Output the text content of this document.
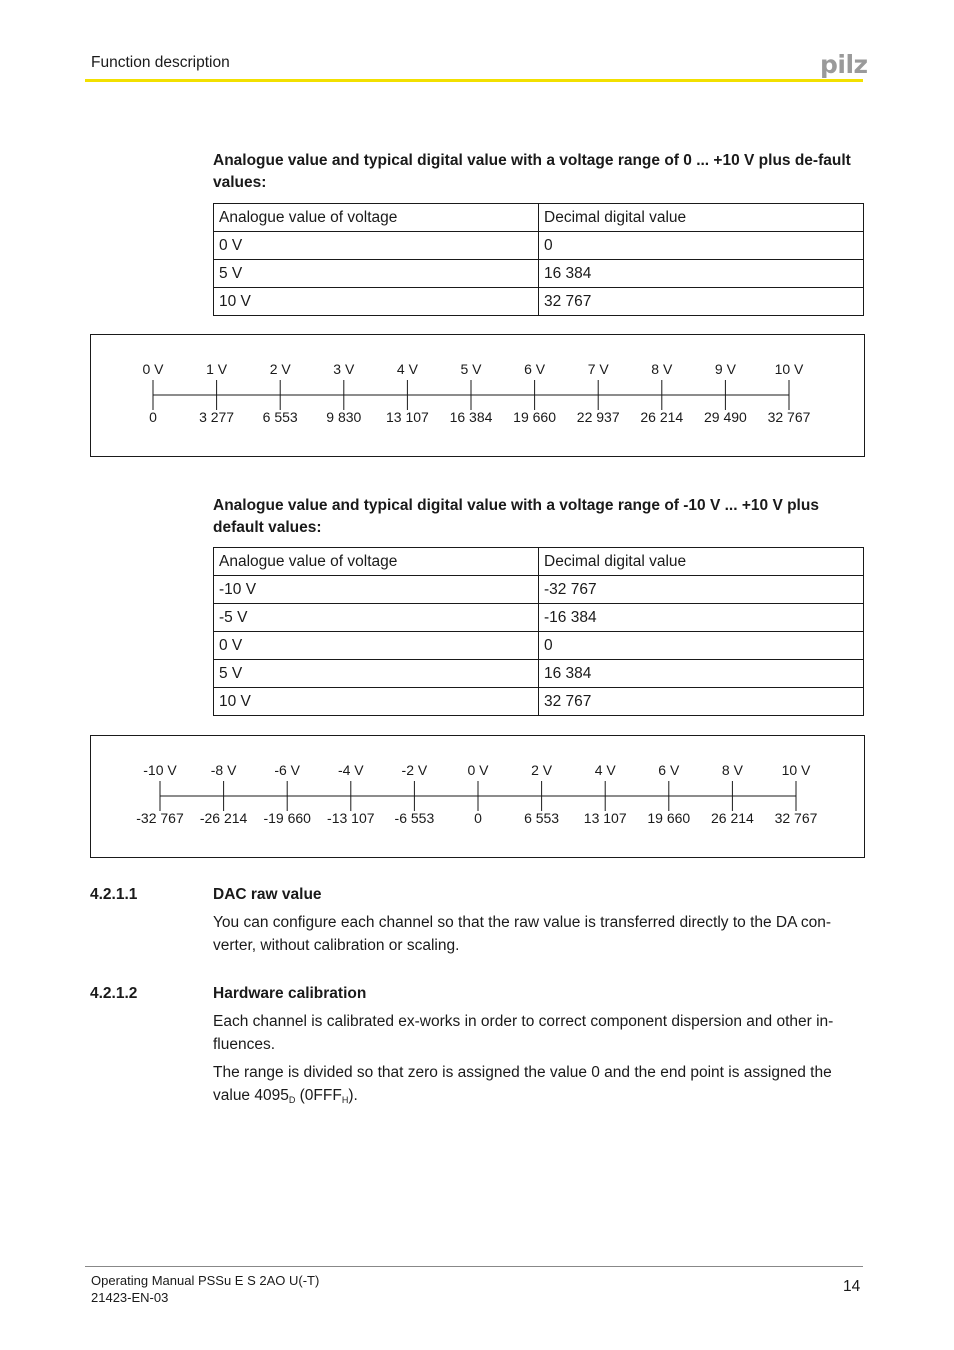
Function description	pilz
Analogue value and typical digital value with a voltage range of 0 ... +10 V plus de-fault values:
Analogue value of voltage	Decimal digital value
0 V	0
5 V	16 384
10 V	32 767
0 V
0
1 V
3 277
2 V
6 553
3 V
9 830
4 V
13 107
5 V
16 384
6 V
19 660
7 V
22 937
8 V
26 214
9 V
29 490
10 V
32 767
Analogue value and typical digital value with a voltage range of -10 V ... +10 V plus default values:
Analogue value of voltage	Decimal digital value
-10 V	-32 767
-5 V	-16 384
0 V	0
5 V	16 384
10 V	32 767
-10 V
-32 767
-8 V
-26 214
-6 V
-19 660
-4 V
-13 107
-2 V
-6 553
0 V
0
2 V
6 553
4 V
13 107
6 V
19 660
8 V
26 214
10 V
32 767
4.2.1.1	DAC raw value
You can configure each channel so that the raw value is transferred directly to the DA con-verter, without calibration or scaling.
4.2.1.2	Hardware calibration
Each channel is calibrated ex-works in order to correct component dispersion and other in-fluences.
The range is divided so that zero is assigned the value 0 and the end point is assigned the value $4095_D$ $(0FFF_H)$.
Operating Manual PSSu E S 2AO U(-T)
21423-EN-03
14
